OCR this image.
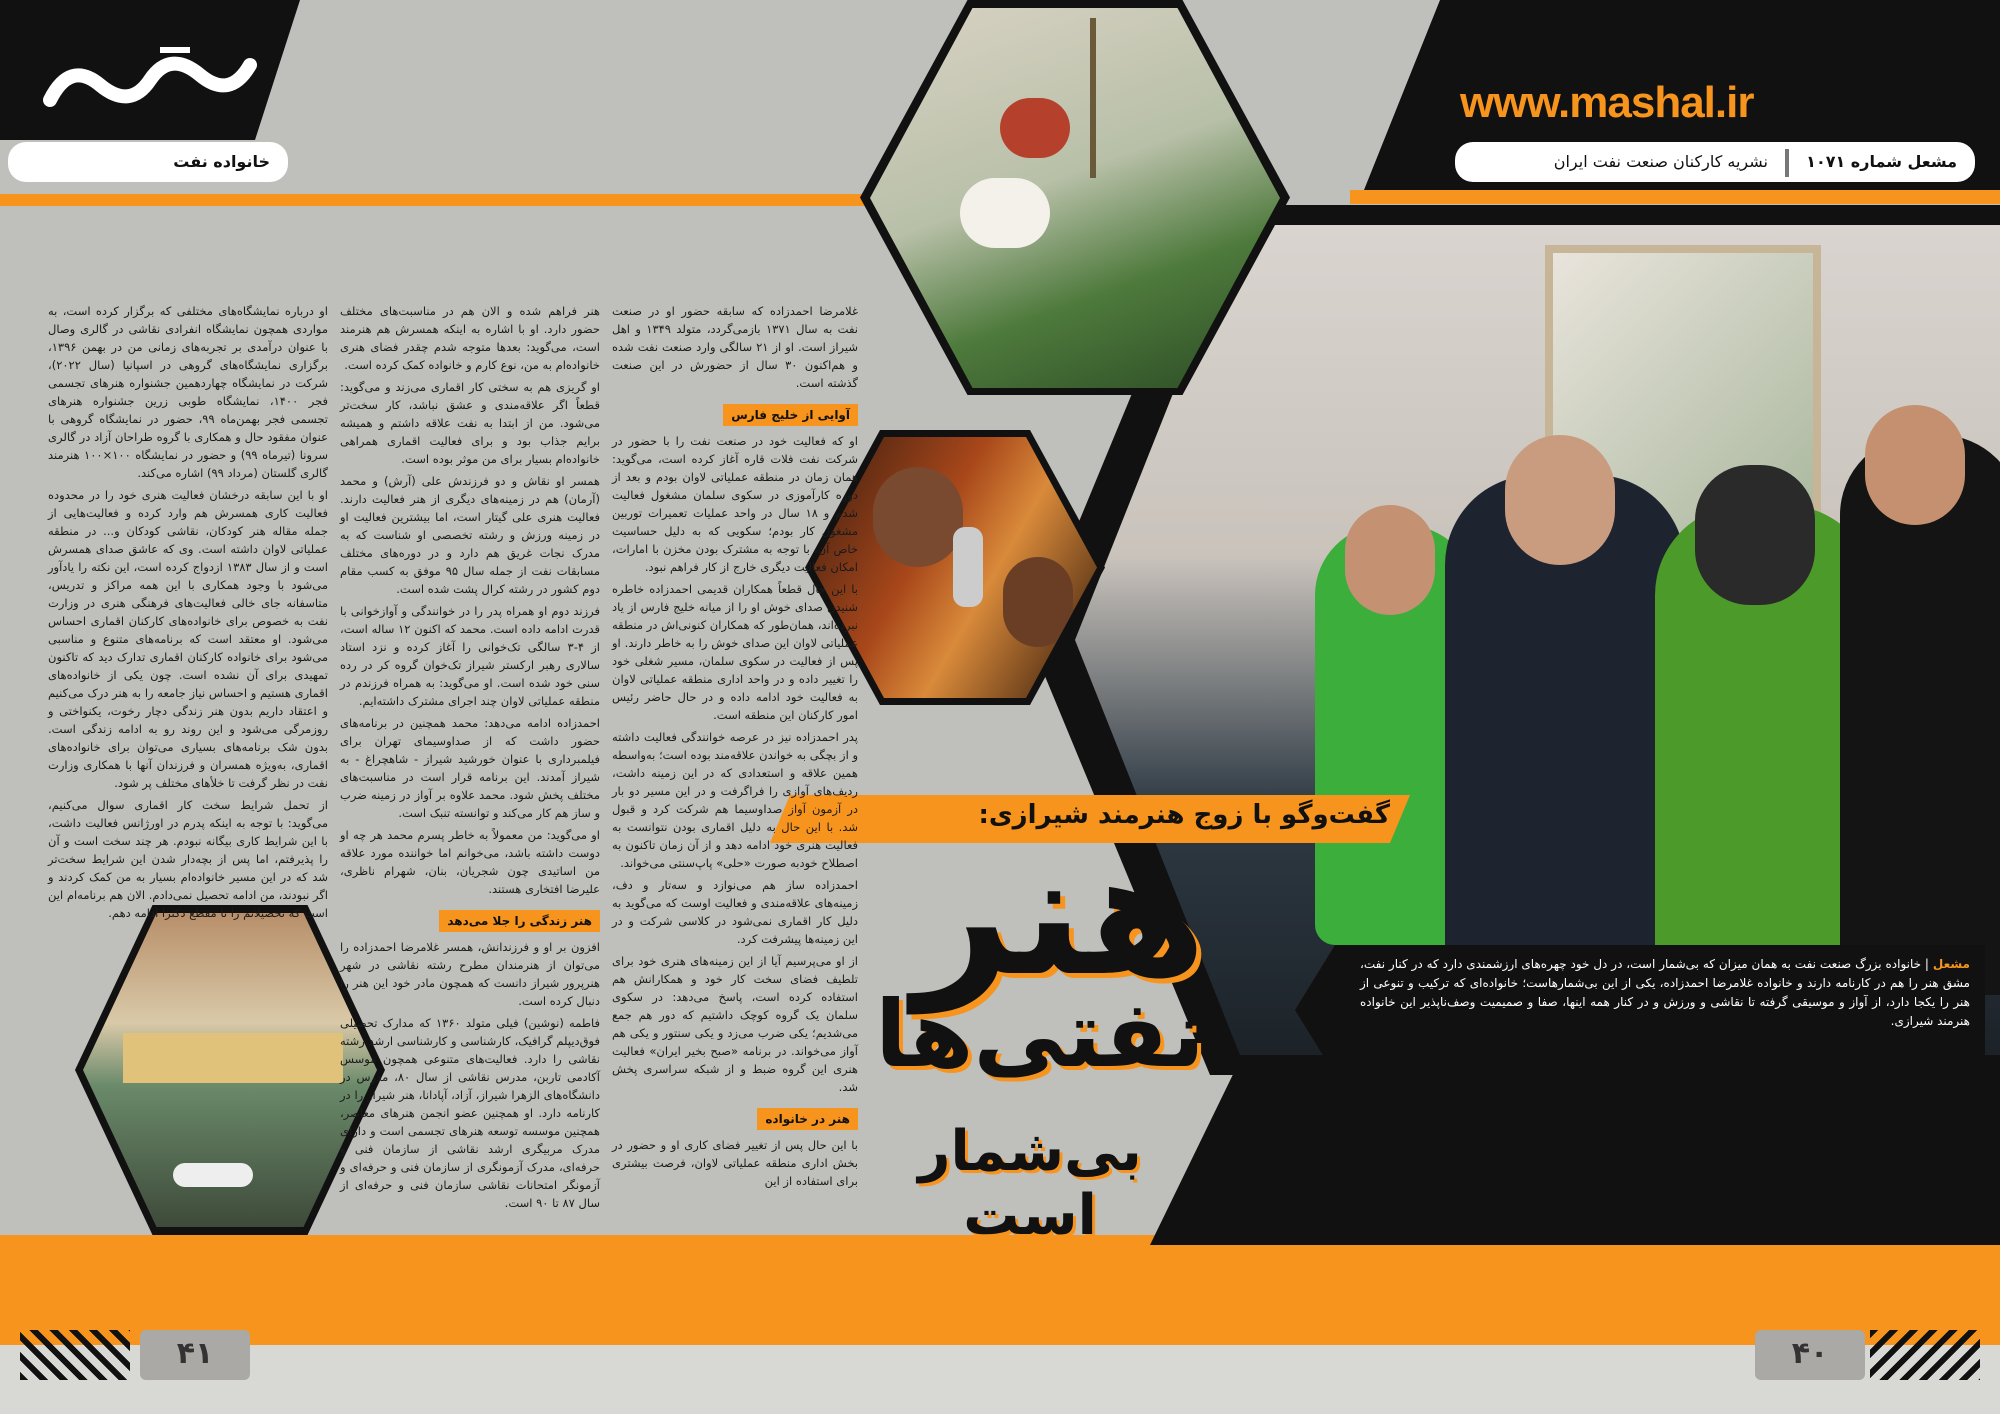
www.mashal.ir
مشعل شماره ۱۰۷۱  نشریه کارکنان صنعت نفت ایران
خانواده نفت
گفت‌وگو با زوج هنرمند شیرازی:
هنر
نفتی‌ها
بی‌شمار است
مشعل | خانواده بزرگ صنعت نفت به همان میزان که بی‌شمار است، در دل خود چهره‌های ارزشمندی دارد که در کنار نفت، مشق هنر را هم در کارنامه دارند و خانواده غلامرضا احمدزاده، یکی از این بی‌شمارهاست؛ خانواده‌ای که ترکیب و تنوعی از هنر را یکجا دارد، از آواز و موسیقی گرفته تا نقاشی و ورزش و در کنار همه اینها، صفا و صمیمیت وصف‌ناپذیر این خانواده هنرمند شیرازی.

غلامرضا احمدزاده که سابقه حضور او در صنعت نفت به سال ۱۳۷۱ بازمی‌گردد، متولد ۱۳۴۹ و اهل شیراز است. او از ۲۱ سالگی وارد صنعت نفت شده و هم‌اکنون ۳۰ سال از حضورش در این صنعت گذشته است.

آوایی از خلیج فارس

او که فعالیت خود در صنعت نفت را با حضور در شرکت نفت فلات قاره آغاز کرده است، می‌گوید: همان زمان در منطقه عملیاتی لاوان بودم و بعد از دوره کارآموزی در سکوی سلمان مشغول فعالیت شدم و ۱۸ سال در واحد عملیات تعمیرات توربین مشغول کار بودم؛ سکویی که به دلیل حساسیت خاص آن، با توجه به مشترک بودن مخزن با امارات، امکان فعالیت دیگری خارج از کار فراهم نبود.

با این حال قطعاً همکاران قدیمی احمدزاده خاطره شنیدن صدای خوش او را از میانه خلیج فارس از یاد نبرده‌اند، همان‌طور که همکاران کنونی‌اش در منطقه عملیاتی لاوان این صدای خوش را به خاطر دارند. او پس از فعالیت در سکوی سلمان، مسیر شغلی خود را تغییر داده و در واحد اداری منطقه عملیاتی لاوان به فعالیت خود ادامه داده و در حال حاضر رئیس امور کارکنان این منطقه است.

پدر احمدزاده نیز در عرصه خوانندگی فعالیت داشته و از بچگی به خواندن علاقه‌مند بوده است؛ به‌واسطه همین علاقه و استعدادی که در این زمینه داشت، ردیف‌های آوازی را فراگرفت و در این مسیر دو بار در آزمون آواز صداوسیما هم شرکت کرد و قبول شد. با این حال به دلیل اقماری بودن نتوانست به فعالیت هنری خود ادامه دهد و از آن زمان تاکنون به اصطلاح خودبه صورت «حلی» پاپ‌سنتی می‌خواند.

احمدزاده ساز هم می‌نوازد و سه‌تار و دف، زمینه‌های علاقه‌مندی و فعالیت اوست که می‌گوید به دلیل کار اقماری نمی‌شود در کلاسی شرکت و در این زمینه‌ها پیشرفت کرد.

از او می‌پرسیم آیا از این زمینه‌های هنری خود برای تلطیف فضای سخت کار خود و همکارانش هم استفاده کرده است، پاسخ می‌دهد: در سکوی سلمان یک گروه کوچک داشتیم که دور هم جمع می‌شدیم؛ یکی ضرب می‌زد و یکی سنتور و یکی هم آواز می‌خواند. در برنامه «صبح بخیر ایران» فعالیت هنری این گروه ضبط و از شبکه سراسری پخش شد.

هنر در خانواده

با این حال پس از تغییر فضای کاری او و حضور در بخش اداری منطقه عملیاتی لاوان، فرصت بیشتری برای استفاده از این

هنر فراهم شده و الان هم در مناسبت‌های مختلف حضور دارد. او با اشاره به اینکه همسرش هم هنرمند است، می‌گوید: بعدها متوجه شدم چقدر فضای هنری خانواده‌ام به من، نوع کارم و خانواده کمک کرده است.

او گریزی هم به سختی کار اقماری می‌زند و می‌گوید: قطعاً اگر علاقه‌مندی و عشق نباشد، کار سخت‌تر می‌شود. من از ابتدا به نفت علاقه داشتم و همیشه برایم جذاب بود و برای فعالیت اقماری همراهی خانواده‌ام بسیار برای من موثر بوده است.

همسر او نقاش و دو فرزندش علی (آرش) و محمد (آرمان) هم در زمینه‌های دیگری از هنر فعالیت دارند. فعالیت هنری علی گیتار است، اما بیشترین فعالیت او در زمینه ورزش و رشته تخصصی او شناست که به مدرک نجات غریق هم دارد و در دوره‌های مختلف مسابقات نفت از جمله سال ۹۵ موفق به کسب مقام دوم کشور در رشته کرال پشت شده است.

فرزند دوم او همراه پدر را در خوانندگی و آوازخوانی با قدرت ادامه داده است. محمد که اکنون ۱۲ ساله است، از ۴-۳ سالگی تک‌خوانی را آغاز کرده و نزد استاد سالاری رهبر ارکستر شیراز تک‌خوان گروه کر در رده سنی خود شده است. او می‌گوید: به همراه فرزندم در منطقه عملیاتی لاوان چند اجرای مشترک داشته‌ایم.

احمدزاده ادامه می‌دهد: محمد همچنین در برنامه‌های حضور داشت که از صداوسیمای تهران برای فیلمبرداری با عنوان خورشید شیراز - شاهچراغ - به شیراز آمدند. این برنامه قرار است در مناسبت‌های مختلف پخش شود. محمد علاوه بر آواز در زمینه ضرب و ساز هم کار می‌کند و توانسته تنبک است.

او می‌گوید: من معمولاً به خاطر پسرم محمد هر چه او دوست داشته باشد، می‌خوانم اما خواننده مورد علاقه من اساتیدی چون شجریان، بنان، شهرام ناظری، علیرضا افتخاری هستند.

هنر زندگی را جلا می‌دهد

افزون بر او و فرزندانش، همسر غلامرضا احمدزاده را می‌توان از هنرمندان مطرح رشته نقاشی در شهر هنرپرور شیراز دانست که همچون مادر خود این هنر را دنبال کرده است.

فاطمه (نوشین) فیلی متولد ۱۳۶۰ که مدارک تحصیلی فوق‌دیپلم گرافیک، کارشناسی و کارشناسی ارشد رشته نقاشی را دارد. فعالیت‌های متنوعی همچون موسس آکادمی تاربن، مدرس نقاشی از سال ۸۰، مدرس در دانشگاه‌های الزهرا شیراز، آزاد، آپادانا، هنر شیراز را در کارنامه دارد. او همچنین عضو انجمن هنرهای معاصر، همچنین موسسه توسعه هنرهای تجسمی است و دارای مدرک مربیگری ارشد نقاشی از سازمان فنی و حرفه‌ای، مدرک آزمونگری از سازمان فنی و حرفه‌ای و آزمونگر امتحانات نقاشی سازمان فنی و حرفه‌ای از سال ۸۷ تا ۹۰ است.

او درباره نمایشگاه‌های مختلفی که برگزار کرده است، به مواردی همچون نمایشگاه انفرادی نقاشی در گالری وصال با عنوان درآمدی بر تجربه‌های زمانی من در بهمن ۱۳۹۶، برگزاری نمایشگاه‌های گروهی در اسپانیا (سال ۲۰۲۲)، شرکت در نمایشگاه چهاردهمین جشنواره هنرهای تجسمی فجر ۱۴۰۰، نمایشگاه طوبی زرین جشنواره هنرهای تجسمی فجر بهمن‌ماه ۹۹، حضور در نمایشگاه گروهی با عنوان مفقود حال و همکاری با گروه طراحان آزاد در گالری سرونا (تیرماه ۹۹) و حضور در نمایشگاه ۱۰۰×۱۰۰ هنرمند گالری گلستان (مرداد ۹۹) اشاره می‌کند.

او با این سابقه درخشان فعالیت هنری خود را در محدوده فعالیت کاری همسرش هم وارد کرده و فعالیت‌هایی از جمله مقاله هنر کودکان، نقاشی کودکان و... در منطقه عملیاتی لاوان داشته است. وی که عاشق صدای همسرش است و از سال ۱۳۸۳ ازدواج کرده است، این نکته را یادآور می‌شود با وجود همکاری با این همه مراکز و تدریس، متاسفانه جای خالی فعالیت‌های فرهنگی هنری در وزارت نفت به خصوص برای خانواده‌های کارکنان اقماری احساس می‌شود. او معتقد است که برنامه‌های متنوع و مناسبی می‌شود برای خانواده کارکنان اقماری تدارک دید که تاکنون تمهیدی برای آن نشده است. چون یکی از خانواده‌های اقماری هستیم و احساس نیاز جامعه را به هنر درک می‌کنیم و اعتقاد داریم بدون هنر زندگی دچار رخوت، یکنواختی و روزمرگی می‌شود و این روند رو به ادامه زندگی است. بدون شک برنامه‌های بسیاری می‌توان برای خانواده‌های اقماری، به‌ویژه همسران و فرزندان آنها با همکاری وزارت نفت در نظر گرفت تا خلأهای مختلف پر شود.

از تحمل شرایط سخت کار اقماری سوال می‌کنیم، می‌گوید: با توجه به اینکه پدرم در اورژانس فعالیت داشت، با این شرایط کاری بیگانه نبودم. هر چند سخت است و آن را پذیرفتم، اما پس از بچه‌دار شدن این شرایط سخت‌تر شد که در این مسیر خانواده‌ام بسیار به من کمک کردند و اگر نبودند، من ادامه تحصیل نمی‌دادم. الان هم برنامه‌ام این است که تحصیلاتم را تا مقطع دکترا ادامه دهم.

۴۱	۴۰
